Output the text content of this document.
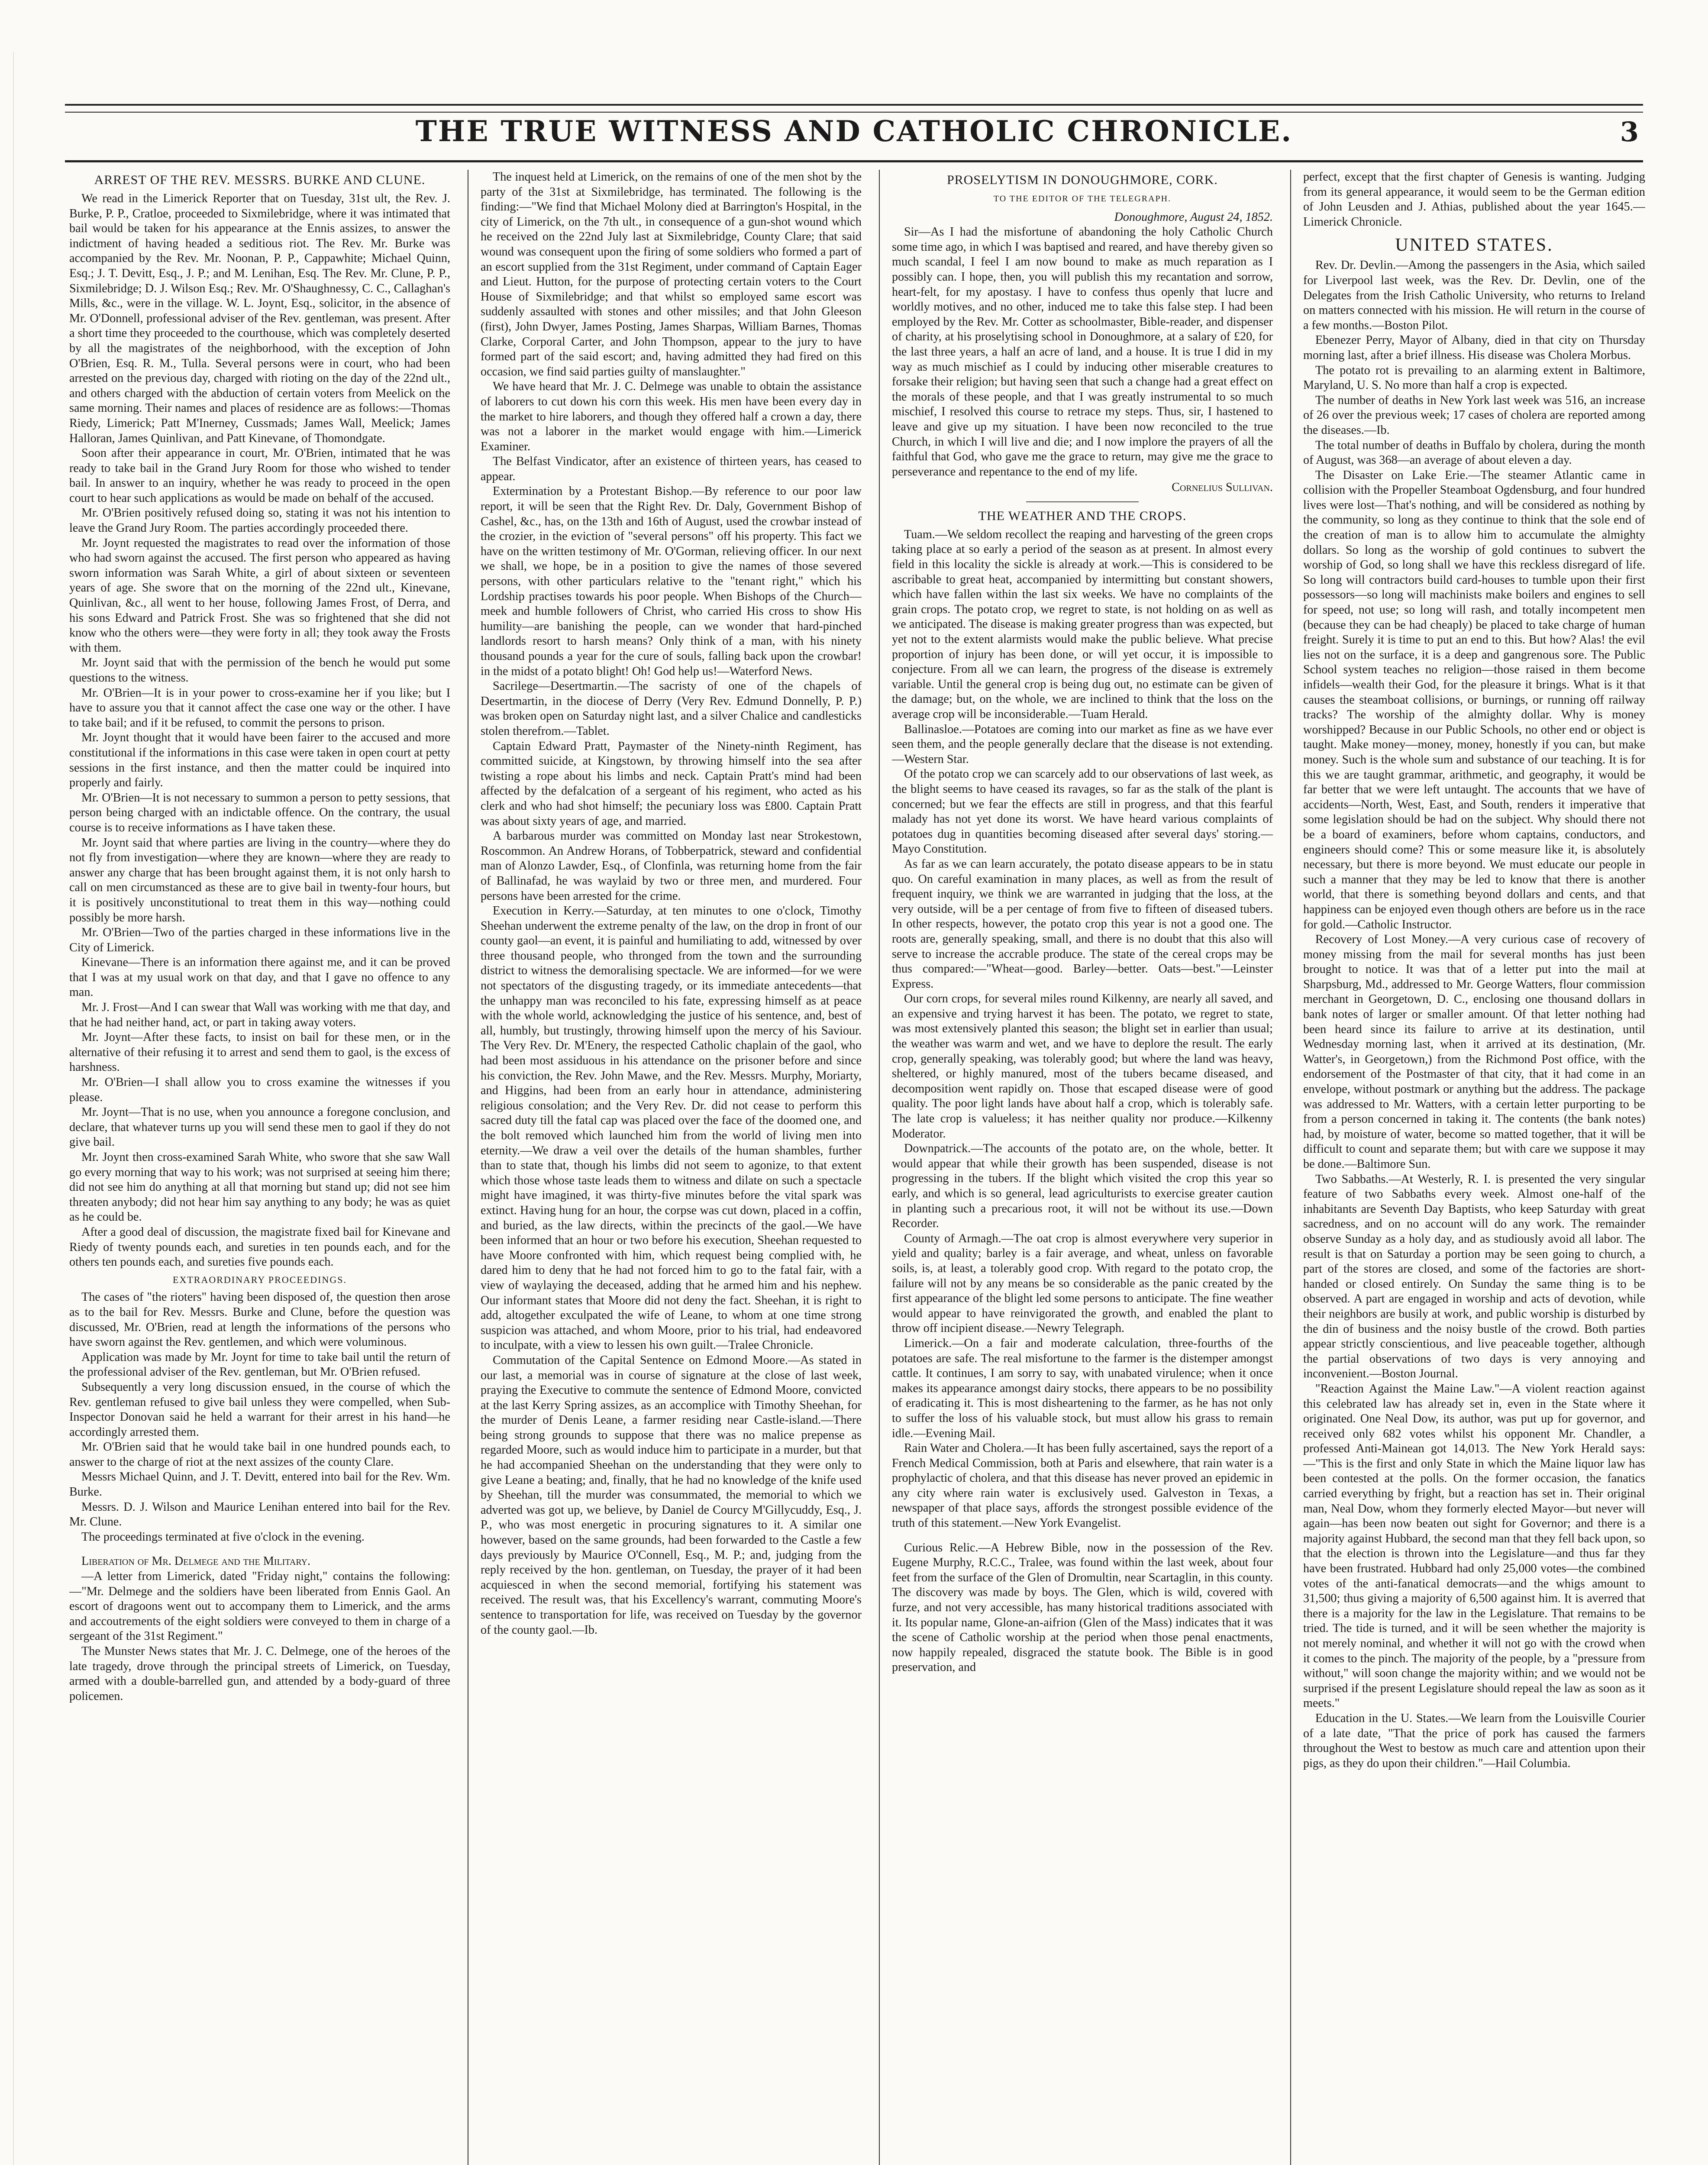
THE TRUE WITNESS AND CATHOLIC CHRONICLE.	3
ARREST OF THE REV. MESSRS. BURKE AND CLUNE.

We read in the Limerick Reporter that on Tuesday, 31st ult, the Rev. J. Burke, P. P., Cratloe, proceeded to Sixmilebridge, where it was intimated that bail would be taken for his appearance at the Ennis assizes, to answer the indictment of having headed a seditious riot. The Rev. Mr. Burke was accompanied by the Rev. Mr. Noonan, P. P., Cappawhite; Michael Quinn, Esq.; J. T. Devitt, Esq., J. P.; and M. Lenihan, Esq. The Rev. Mr. Clune, P. P., Sixmilebridge; D. J. Wilson Esq.; Rev. Mr. O'Shaughnessy, C. C., Callaghan's Mills, &c., were in the village. W. L. Joynt, Esq., solicitor, in the absence of Mr. O'Donnell, professional adviser of the Rev. gentleman, was present. After a short time they proceeded to the courthouse, which was completely deserted by all the magistrates of the neighborhood, with the exception of John O'Brien, Esq. R. M., Tulla. Several persons were in court, who had been arrested on the previous day, charged with rioting on the day of the 22nd ult., and others charged with the abduction of certain voters from Meelick on the same morning. Their names and places of residence are as follows:—Thomas Riedy, Limerick; Patt M'Inerney, Cussmads; James Wall, Meelick; James Halloran, James Quinlivan, and Patt Kinevane, of Thomondgate.

Soon after their appearance in court, Mr. O'Brien, intimated that he was ready to take bail in the Grand Jury Room for those who wished to tender bail. In answer to an inquiry, whether he was ready to proceed in the open court to hear such applications as would be made on behalf of the accused.

Mr. O'Brien positively refused doing so, stating it was not his intention to leave the Grand Jury Room. The parties accordingly proceeded there.

Mr. Joynt requested the magistrates to read over the information of those who had sworn against the accused. The first person who appeared as having sworn information was Sarah White, a girl of about sixteen or seventeen years of age. She swore that on the morning of the 22nd ult., Kinevane, Quinlivan, &c., all went to her house, following James Frost, of Derra, and his sons Edward and Patrick Frost. She was so frightened that she did not know who the others were—they were forty in all; they took away the Frosts with them.

Mr. Joynt said that with the permission of the bench he would put some questions to the witness.

Mr. O'Brien—It is in your power to cross-examine her if you like; but I have to assure you that it cannot affect the case one way or the other. I have to take bail; and if it be refused, to commit the persons to prison.

Mr. Joynt thought that it would have been fairer to the accused and more constitutional if the informations in this case were taken in open court at petty sessions in the first instance, and then the matter could be inquired into properly and fairly.

Mr. O'Brien—It is not necessary to summon a person to petty sessions, that person being charged with an indictable offence. On the contrary, the usual course is to receive informations as I have taken these.

Mr. Joynt said that where parties are living in the country—where they do not fly from investigation—where they are known—where they are ready to answer any charge that has been brought against them, it is not only harsh to call on men circumstanced as these are to give bail in twenty-four hours, but it is positively unconstitutional to treat them in this way—nothing could possibly be more harsh.

Mr. O'Brien—Two of the parties charged in these informations live in the City of Limerick.

Kinevane—There is an information there against me, and it can be proved that I was at my usual work on that day, and that I gave no offence to any man.

Mr. J. Frost—And I can swear that Wall was working with me that day, and that he had neither hand, act, or part in taking away voters.

Mr. Joynt—After these facts, to insist on bail for these men, or in the alternative of their refusing it to arrest and send them to gaol, is the excess of harshness.

Mr. O'Brien—I shall allow you to cross examine the witnesses if you please.

Mr. Joynt—That is no use, when you announce a foregone conclusion, and declare, that whatever turns up you will send these men to gaol if they do not give bail.

Mr. Joynt then cross-examined Sarah White, who swore that she saw Wall go every morning that way to his work; was not surprised at seeing him there; did not see him do anything at all that morning but stand up; did not see him threaten anybody; did not hear him say anything to any body; he was as quiet as he could be.

After a good deal of discussion, the magistrate fixed bail for Kinevane and Riedy of twenty pounds each, and sureties in ten pounds each, and for the others ten pounds each, and sureties five pounds each.

EXTRAORDINARY PROCEEDINGS.

The cases of "the rioters" having been disposed of, the question then arose as to the bail for Rev. Messrs. Burke and Clune, before the question was discussed, Mr. O'Brien, read at length the informations of the persons who have sworn against the Rev. gentlemen, and which were voluminous.

Application was made by Mr. Joynt for time to take bail until the return of the professional adviser of the Rev. gentleman, but Mr. O'Brien refused.

Subsequently a very long discussion ensued, in the course of which the Rev. gentleman refused to give bail unless they were compelled, when Sub-Inspector Donovan said he held a warrant for their arrest in his hand—he accordingly arrested them.

Mr. O'Brien said that he would take bail in one hundred pounds each, to answer to the charge of riot at the next assizes of the county Clare.

Messrs Michael Quinn, and J. T. Devitt, entered into bail for the Rev. Wm. Burke.

Messrs. D. J. Wilson and Maurice Lenihan entered into bail for the Rev. Mr. Clune.

The proceedings terminated at five o'clock in the evening.

Liberation of Mr. Delmege and the Military.

—A letter from Limerick, dated "Friday night," contains the following:—"Mr. Delmege and the soldiers have been liberated from Ennis Gaol. An escort of dragoons went out to accompany them to Limerick, and the arms and accoutrements of the eight soldiers were conveyed to them in charge of a sergeant of the 31st Regiment."

The Munster News states that Mr. J. C. Delmege, one of the heroes of the late tragedy, drove through the principal streets of Limerick, on Tuesday, armed with a double-barrelled gun, and attended by a body-guard of three policemen.

The inquest held at Limerick, on the remains of one of the men shot by the party of the 31st at Sixmilebridge, has terminated. The following is the finding:—"We find that Michael Molony died at Barrington's Hospital, in the city of Limerick, on the 7th ult., in consequence of a gun-shot wound which he received on the 22nd July last at Sixmilebridge, County Clare; that said wound was consequent upon the firing of some soldiers who formed a part of an escort supplied from the 31st Regiment, under command of Captain Eager and Lieut. Hutton, for the purpose of protecting certain voters to the Court House of Sixmilebridge; and that whilst so employed same escort was suddenly assaulted with stones and other missiles; and that John Gleeson (first), John Dwyer, James Posting, James Sharpas, William Barnes, Thomas Clarke, Corporal Carter, and John Thompson, appear to the jury to have formed part of the said escort; and, having admitted they had fired on this occasion, we find said parties guilty of manslaughter."

We have heard that Mr. J. C. Delmege was unable to obtain the assistance of laborers to cut down his corn this week. His men have been every day in the market to hire laborers, and though they offered half a crown a day, there was not a laborer in the market would engage with him.—Limerick Examiner.

The Belfast Vindicator, after an existence of thirteen years, has ceased to appear.

Extermination by a Protestant Bishop.—By reference to our poor law report, it will be seen that the Right Rev. Dr. Daly, Government Bishop of Cashel, &c., has, on the 13th and 16th of August, used the crowbar instead of the crozier, in the eviction of "several persons" off his property. This fact we have on the written testimony of Mr. O'Gorman, relieving officer. In our next we shall, we hope, be in a position to give the names of those severed persons, with other particulars relative to the "tenant right," which his Lordship practises towards his poor people. When Bishops of the Church—meek and humble followers of Christ, who carried His cross to show His humility—are banishing the people, can we wonder that hard-pinched landlords resort to harsh means? Only think of a man, with his ninety thousand pounds a year for the cure of souls, falling back upon the crowbar! in the midst of a potato blight! Oh! God help us!—Waterford News.

Sacrilege—Desertmartin.—The sacristy of one of the chapels of Desertmartin, in the diocese of Derry (Very Rev. Edmund Donnelly, P. P.) was broken open on Saturday night last, and a silver Chalice and candlesticks stolen therefrom.—Tablet.

Captain Edward Pratt, Paymaster of the Ninety-ninth Regiment, has committed suicide, at Kingstown, by throwing himself into the sea after twisting a rope about his limbs and neck. Captain Pratt's mind had been affected by the defalcation of a sergeant of his regiment, who acted as his clerk and who had shot himself; the pecuniary loss was £800. Captain Pratt was about sixty years of age, and married.

A barbarous murder was committed on Monday last near Strokestown, Roscommon. An Andrew Horans, of Tobberpatrick, steward and confidential man of Alonzo Lawder, Esq., of Clonfinla, was returning home from the fair of Ballinafad, he was waylaid by two or three men, and murdered. Four persons have been arrested for the crime.

Execution in Kerry.—Saturday, at ten minutes to one o'clock, Timothy Sheehan underwent the extreme penalty of the law, on the drop in front of our county gaol—an event, it is painful and humiliating to add, witnessed by over three thousand people, who thronged from the town and the surrounding district to witness the demoralising spectacle. We are informed—for we were not spectators of the disgusting tragedy, or its immediate antecedents—that the unhappy man was reconciled to his fate, expressing himself as at peace with the whole world, acknowledging the justice of his sentence, and, best of all, humbly, but trustingly, throwing himself upon the mercy of his Saviour. The Very Rev. Dr. M'Enery, the respected Catholic chaplain of the gaol, who had been most assiduous in his attendance on the prisoner before and since his conviction, the Rev. John Mawe, and the Rev. Messrs. Murphy, Moriarty, and Higgins, had been from an early hour in attendance, administering religious consolation; and the Very Rev. Dr. did not cease to perform this sacred duty till the fatal cap was placed over the face of the doomed one, and the bolt removed which launched him from the world of living men into eternity.—We draw a veil over the details of the human shambles, further than to state that, though his limbs did not seem to agonize, to that extent which those whose taste leads them to witness and dilate on such a spectacle might have imagined, it was thirty-five minutes before the vital spark was extinct. Having hung for an hour, the corpse was cut down, placed in a coffin, and buried, as the law directs, within the precincts of the gaol.—We have been informed that an hour or two before his execution, Sheehan requested to have Moore confronted with him, which request being complied with, he dared him to deny that he had not forced him to go to the fatal fair, with a view of waylaying the deceased, adding that he armed him and his nephew. Our informant states that Moore did not deny the fact. Sheehan, it is right to add, altogether exculpated the wife of Leane, to whom at one time strong suspicion was attached, and whom Moore, prior to his trial, had endeavored to inculpate, with a view to lessen his own guilt.—Tralee Chronicle.

Commutation of the Capital Sentence on Edmond Moore.—As stated in our last, a memorial was in course of signature at the close of last week, praying the Executive to commute the sentence of Edmond Moore, convicted at the last Kerry Spring assizes, as an accomplice with Timothy Sheehan, for the murder of Denis Leane, a farmer residing near Castle-island.—There being strong grounds to suppose that there was no malice prepense as regarded Moore, such as would induce him to participate in a murder, but that he had accompanied Sheehan on the understanding that they were only to give Leane a beating; and, finally, that he had no knowledge of the knife used by Sheehan, till the murder was consummated, the memorial to which we adverted was got up, we believe, by Daniel de Courcy M'Gillycuddy, Esq., J. P., who was most energetic in procuring signatures to it. A similar one however, based on the same grounds, had been forwarded to the Castle a few days previously by Maurice O'Connell, Esq., M. P.; and, judging from the reply received by the hon. gentleman, on Tuesday, the prayer of it had been acquiesced in when the second memorial, fortifying his statement was received. The result was, that his Excellency's warrant, commuting Moore's sentence to transportation for life, was received on Tuesday by the governor of the county gaol.—Ib.

PROSELYTISM IN DONOUGHMORE, CORK.
TO THE EDITOR OF THE TELEGRAPH.
Donoughmore, August 24, 1852.

Sir—As I had the misfortune of abandoning the holy Catholic Church some time ago, in which I was baptised and reared, and have thereby given so much scandal, I feel I am now bound to make as much reparation as I possibly can. I hope, then, you will publish this my recantation and sorrow, heart-felt, for my apostasy. I have to confess thus openly that lucre and worldly motives, and no other, induced me to take this false step. I had been employed by the Rev. Mr. Cotter as schoolmaster, Bible-reader, and dispenser of charity, at his proselytising school in Donoughmore, at a salary of £20, for the last three years, a half an acre of land, and a house. It is true I did in my way as much mischief as I could by inducing other miserable creatures to forsake their religion; but having seen that such a change had a great effect on the morals of these people, and that I was greatly instrumental to so much mischief, I resolved this course to retrace my steps. Thus, sir, I hastened to leave and give up my situation. I have been now reconciled to the true Church, in which I will live and die; and I now implore the prayers of all the faithful that God, who gave me the grace to return, may give me the grace to perseverance and repentance to the end of my life.

Cornelius Sullivan.
THE WEATHER AND THE CROPS.

Tuam.—We seldom recollect the reaping and harvesting of the green crops taking place at so early a period of the season as at present. In almost every field in this locality the sickle is already at work.—This is considered to be ascribable to great heat, accompanied by intermitting but constant showers, which have fallen within the last six weeks. We have no complaints of the grain crops. The potato crop, we regret to state, is not holding on as well as we anticipated. The disease is making greater progress than was expected, but yet not to the extent alarmists would make the public believe. What precise proportion of injury has been done, or will yet occur, it is impossible to conjecture. From all we can learn, the progress of the disease is extremely variable. Until the general crop is being dug out, no estimate can be given of the damage; but, on the whole, we are inclined to think that the loss on the average crop will be inconsiderable.—Tuam Herald.

Ballinasloe.—Potatoes are coming into our market as fine as we have ever seen them, and the people generally declare that the disease is not extending.—Western Star.

Of the potato crop we can scarcely add to our observations of last week, as the blight seems to have ceased its ravages, so far as the stalk of the plant is concerned; but we fear the effects are still in progress, and that this fearful malady has not yet done its worst. We have heard various complaints of potatoes dug in quantities becoming diseased after several days' storing.—Mayo Constitution.

As far as we can learn accurately, the potato disease appears to be in statu quo. On careful examination in many places, as well as from the result of frequent inquiry, we think we are warranted in judging that the loss, at the very outside, will be a per centage of from five to fifteen of diseased tubers. In other respects, however, the potato crop this year is not a good one. The roots are, generally speaking, small, and there is no doubt that this also will serve to increase the accrable produce. The state of the cereal crops may be thus compared:—"Wheat—good. Barley—better. Oats—best."—Leinster Express.

Our corn crops, for several miles round Kilkenny, are nearly all saved, and an expensive and trying harvest it has been. The potato, we regret to state, was most extensively planted this season; the blight set in earlier than usual; the weather was warm and wet, and we have to deplore the result. The early crop, generally speaking, was tolerably good; but where the land was heavy, sheltered, or highly manured, most of the tubers became diseased, and decomposition went rapidly on. Those that escaped disease were of good quality. The poor light lands have about half a crop, which is tolerably safe. The late crop is valueless; it has neither quality nor produce.—Kilkenny Moderator.

Downpatrick.—The accounts of the potato are, on the whole, better. It would appear that while their growth has been suspended, disease is not progressing in the tubers. If the blight which visited the crop this year so early, and which is so general, lead agriculturists to exercise greater caution in planting such a precarious root, it will not be without its use.—Down Recorder.

County of Armagh.—The oat crop is almost everywhere very superior in yield and quality; barley is a fair average, and wheat, unless on favorable soils, is, at least, a tolerably good crop. With regard to the potato crop, the failure will not by any means be so considerable as the panic created by the first appearance of the blight led some persons to anticipate. The fine weather would appear to have reinvigorated the growth, and enabled the plant to throw off incipient disease.—Newry Telegraph.

Limerick.—On a fair and moderate calculation, three-fourths of the potatoes are safe. The real misfortune to the farmer is the distemper amongst cattle. It continues, I am sorry to say, with unabated virulence; when it once makes its appearance amongst dairy stocks, there appears to be no possibility of eradicating it. This is most disheartening to the farmer, as he has not only to suffer the loss of his valuable stock, but must allow his grass to remain idle.—Evening Mail.

Rain Water and Cholera.—It has been fully ascertained, says the report of a French Medical Commission, both at Paris and elsewhere, that rain water is a prophylactic of cholera, and that this disease has never proved an epidemic in any city where rain water is exclusively used. Galveston in Texas, a newspaper of that place says, affords the strongest possible evidence of the truth of this statement.—New York Evangelist.

Curious Relic.—A Hebrew Bible, now in the possession of the Rev. Eugene Murphy, R.C.C., Tralee, was found within the last week, about four feet from the surface of the Glen of Dromultin, near Scartaglin, in this county. The discovery was made by boys. The Glen, which is wild, covered with furze, and not very accessible, has many historical traditions associated with it. Its popular name, Glone-an-aifrion (Glen of the Mass) indicates that it was the scene of Catholic worship at the period when those penal enactments, now happily repealed, disgraced the statute book. The Bible is in good preservation, and

perfect, except that the first chapter of Genesis is wanting. Judging from its general appearance, it would seem to be the German edition of John Leusden and J. Athias, published about the year 1645.—Limerick Chronicle.

UNITED STATES.

Rev. Dr. Devlin.—Among the passengers in the Asia, which sailed for Liverpool last week, was the Rev. Dr. Devlin, one of the Delegates from the Irish Catholic University, who returns to Ireland on matters connected with his mission. He will return in the course of a few months.—Boston Pilot.

Ebenezer Perry, Mayor of Albany, died in that city on Thursday morning last, after a brief illness. His disease was Cholera Morbus.

The potato rot is prevailing to an alarming extent in Baltimore, Maryland, U. S. No more than half a crop is expected.

The number of deaths in New York last week was 516, an increase of 26 over the previous week; 17 cases of cholera are reported among the diseases.—Ib.

The total number of deaths in Buffalo by cholera, during the month of August, was 368—an average of about eleven a day.

The Disaster on Lake Erie.—The steamer Atlantic came in collision with the Propeller Steamboat Ogdensburg, and four hundred lives were lost—That's nothing, and will be considered as nothing by the community, so long as they continue to think that the sole end of the creation of man is to allow him to accumulate the almighty dollars. So long as the worship of gold continues to subvert the worship of God, so long shall we have this reckless disregard of life. So long will contractors build card-houses to tumble upon their first possessors—so long will machinists make boilers and engines to sell for speed, not use; so long will rash, and totally incompetent men (because they can be had cheaply) be placed to take charge of human freight. Surely it is time to put an end to this. But how? Alas! the evil lies not on the surface, it is a deep and gangrenous sore. The Public School system teaches no religion—those raised in them become infidels—wealth their God, for the pleasure it brings. What is it that causes the steamboat collisions, or burnings, or running off railway tracks? The worship of the almighty dollar. Why is money worshipped? Because in our Public Schools, no other end or object is taught. Make money—money, money, honestly if you can, but make money. Such is the whole sum and substance of our teaching. It is for this we are taught grammar, arithmetic, and geography, it would be far better that we were left untaught. The accounts that we have of accidents—North, West, East, and South, renders it imperative that some legislation should be had on the subject. Why should there not be a board of examiners, before whom captains, conductors, and engineers should come? This or some measure like it, is absolutely necessary, but there is more beyond. We must educate our people in such a manner that they may be led to know that there is another world, that there is something beyond dollars and cents, and that happiness can be enjoyed even though others are before us in the race for gold.—Catholic Instructor.

Recovery of Lost Money.—A very curious case of recovery of money missing from the mail for several months has just been brought to notice. It was that of a letter put into the mail at Sharpsburg, Md., addressed to Mr. George Watters, flour commission merchant in Georgetown, D. C., enclosing one thousand dollars in bank notes of larger or smaller amount. Of that letter nothing had been heard since its failure to arrive at its destination, until Wednesday morning last, when it arrived at its destination, (Mr. Watter's, in Georgetown,) from the Richmond Post office, with the endorsement of the Postmaster of that city, that it had come in an envelope, without postmark or anything but the address. The package was addressed to Mr. Watters, with a certain letter purporting to be from a person concerned in taking it. The contents (the bank notes) had, by moisture of water, become so matted together, that it will be difficult to count and separate them; but with care we suppose it may be done.—Baltimore Sun.

Two Sabbaths.—At Westerly, R. I. is presented the very singular feature of two Sabbaths every week. Almost one-half of the inhabitants are Seventh Day Baptists, who keep Saturday with great sacredness, and on no account will do any work. The remainder observe Sunday as a holy day, and as studiously avoid all labor. The result is that on Saturday a portion may be seen going to church, a part of the stores are closed, and some of the factories are short-handed or closed entirely. On Sunday the same thing is to be observed. A part are engaged in worship and acts of devotion, while their neighbors are busily at work, and public worship is disturbed by the din of business and the noisy bustle of the crowd. Both parties appear strictly conscientious, and live peaceable together, although the partial observations of two days is very annoying and inconvenient.—Boston Journal.

"Reaction Against the Maine Law."—A violent reaction against this celebrated law has already set in, even in the State where it originated. One Neal Dow, its author, was put up for governor, and received only 682 votes whilst his opponent Mr. Chandler, a professed Anti-Mainean got 14,013. The New York Herald says:—"This is the first and only State in which the Maine liquor law has been contested at the polls. On the former occasion, the fanatics carried everything by fright, but a reaction has set in. Their original man, Neal Dow, whom they formerly elected Mayor—but never will again—has been now beaten out sight for Governor; and there is a majority against Hubbard, the second man that they fell back upon, so that the election is thrown into the Legislature—and thus far they have been frustrated. Hubbard had only 25,000 votes—the combined votes of the anti-fanatical democrats—and the whigs amount to 31,500; thus giving a majority of 6,500 against him. It is averred that there is a majority for the law in the Legislature. That remains to be tried. The tide is turned, and it will be seen whether the majority is not merely nominal, and whether it will not go with the crowd when it comes to the pinch. The majority of the people, by a "pressure from without," will soon change the majority within; and we would not be surprised if the present Legislature should repeal the law as soon as it meets."

Education in the U. States.—We learn from the Louisville Courier of a late date, "That the price of pork has caused the farmers throughout the West to bestow as much care and attention upon their pigs, as they do upon their children."—Hail Columbia.
